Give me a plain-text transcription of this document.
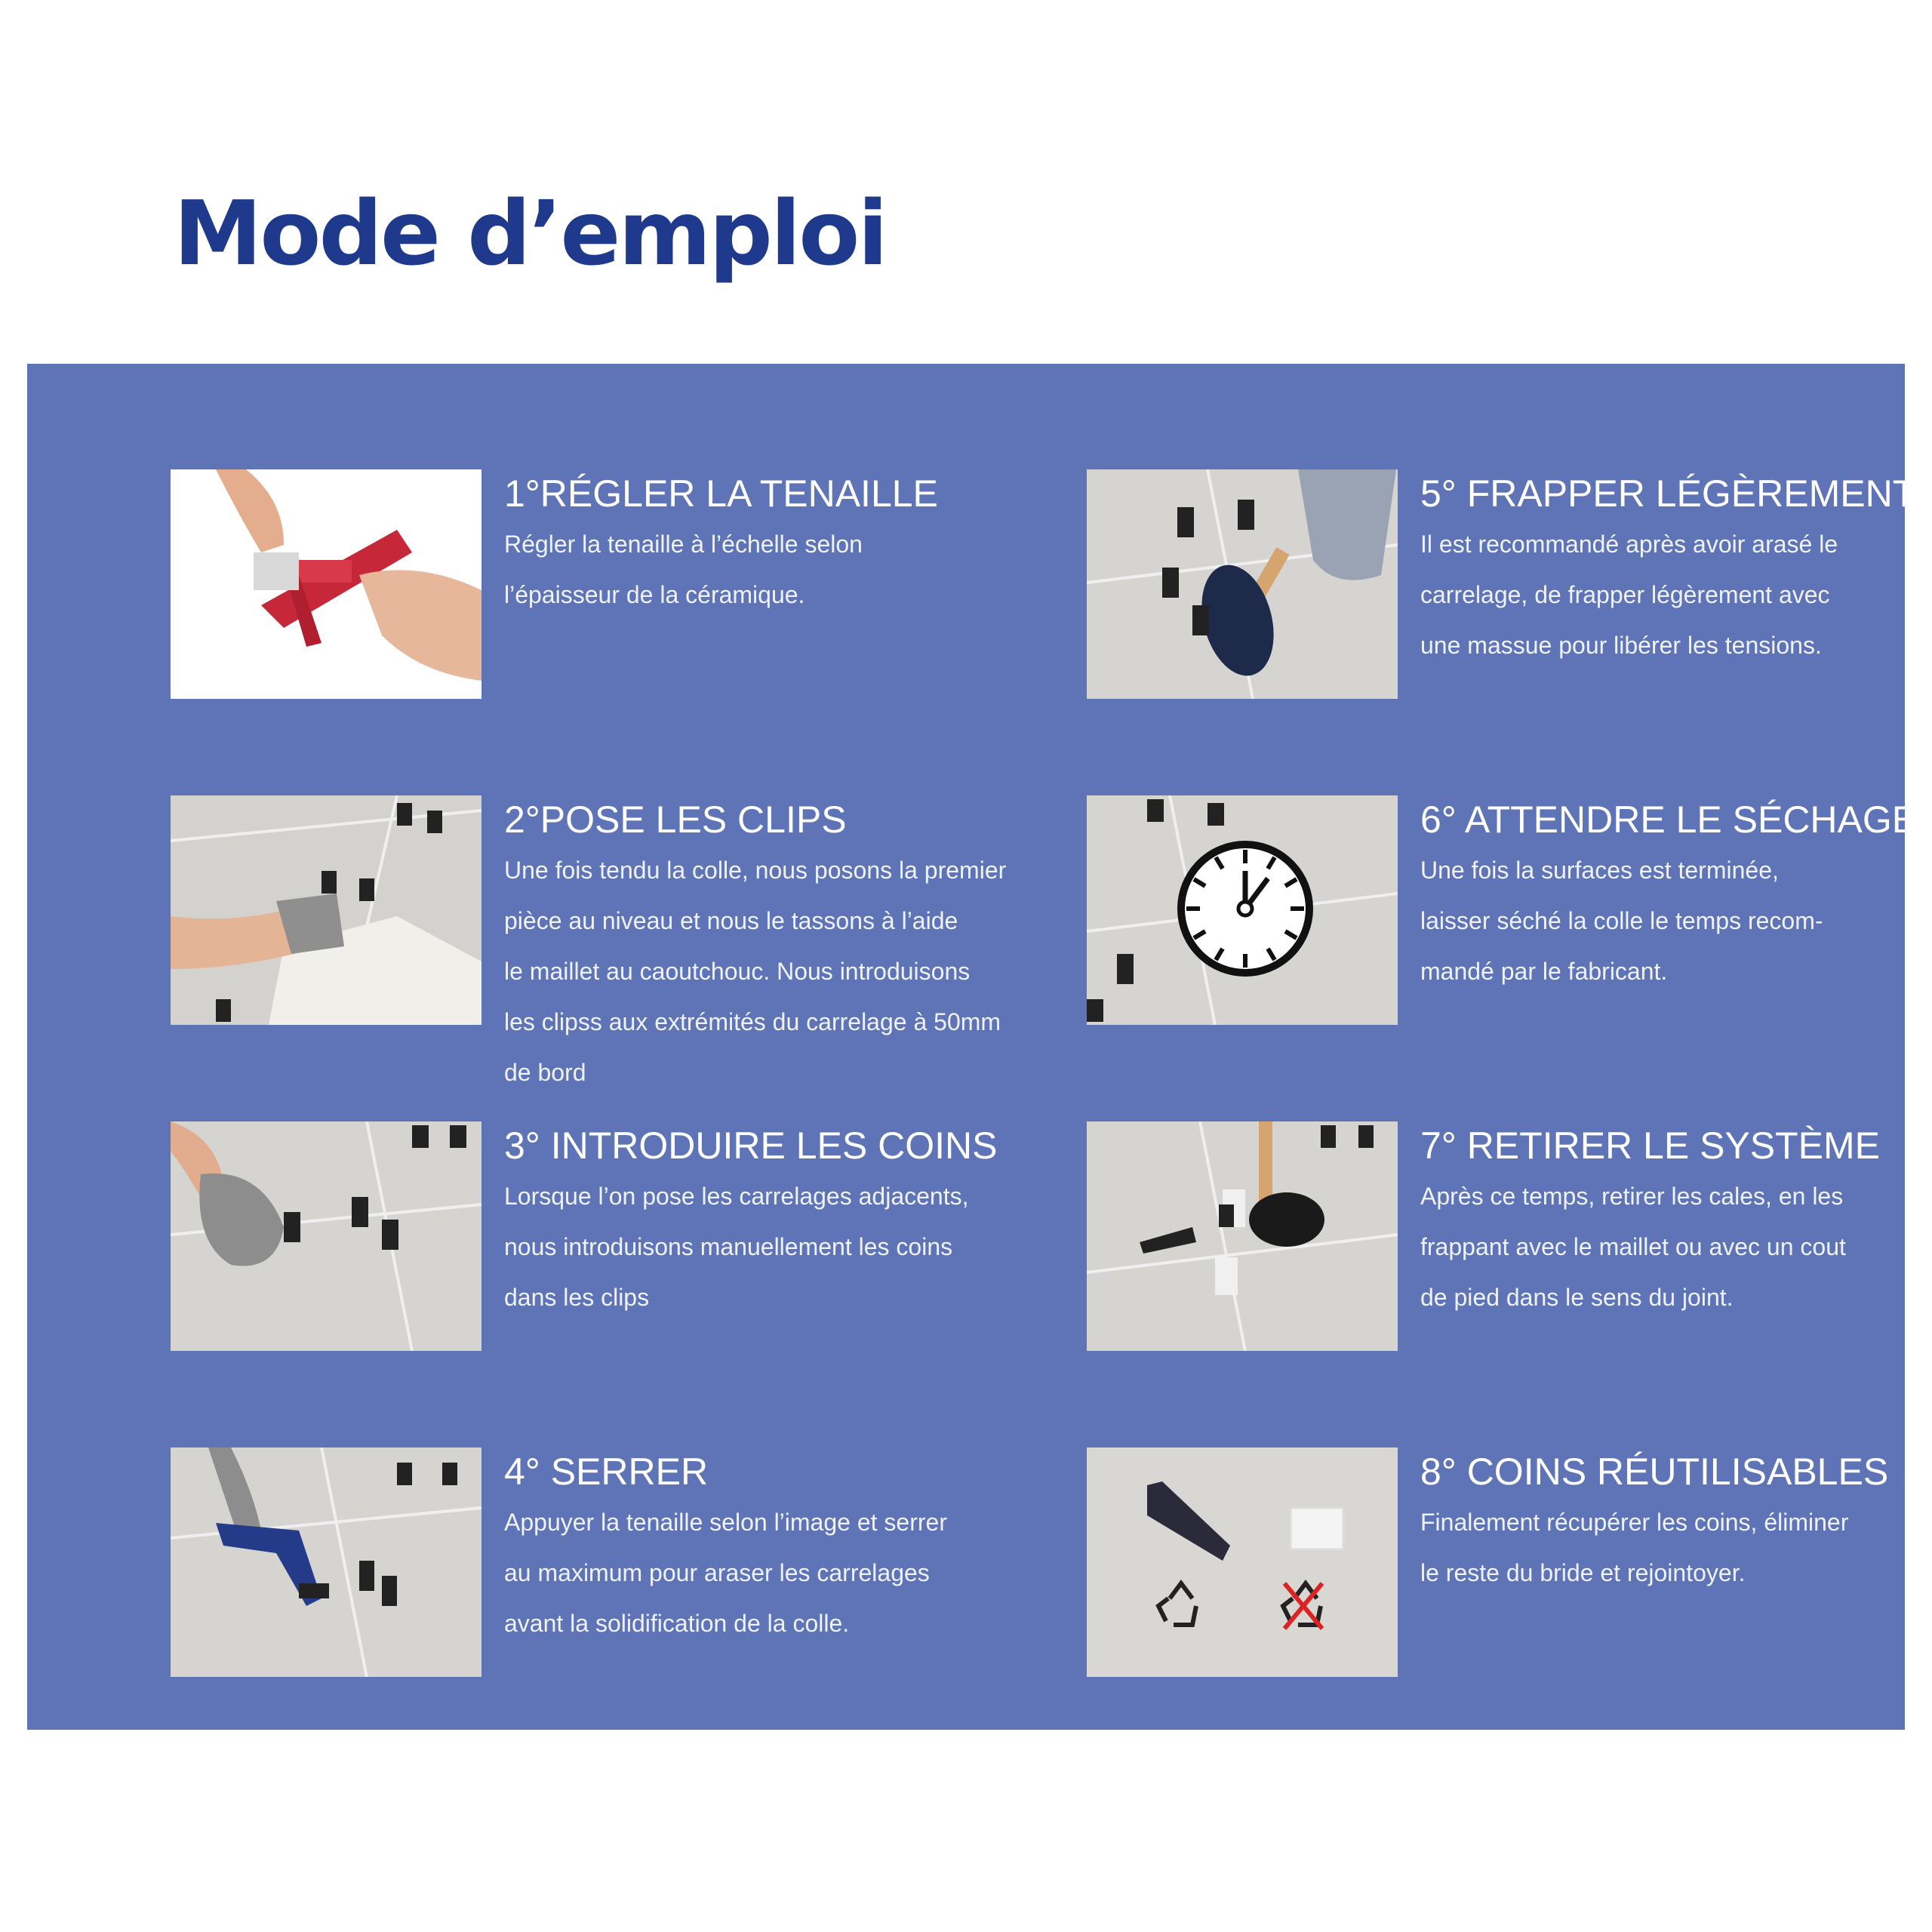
Mode d’emploi
1°RÉGLER LA TENAILLE
Régler la tenaille à l’échelle selon
l’épaisseur de la céramique.
2°POSE LES CLIPS
Une fois tendu la colle, nous posons la premier
pièce au niveau et nous le tassons à l’aide
le maillet au caoutchouc. Nous introduisons
les clipss aux extrémités du carrelage à 50mm
de bord
3° INTRODUIRE LES COINS
Lorsque l’on pose les carrelages adjacents,
nous introduisons manuellement les coins
dans les clips
4° SERRER
Appuyer la tenaille selon l’image et serrer
au maximum pour araser les carrelages
avant la solidification de la colle.
5° FRAPPER LÉGÈREMENT
Il est recommandé après avoir arasé le
carrelage, de frapper légèrement avec
une massue pour libérer les tensions.
6° ATTENDRE LE SÉCHAGE
Une fois la surfaces est terminée,
laisser séché la colle le temps recom-
mandé par le fabricant.
7° RETIRER LE SYSTÈME
Après ce temps, retirer les cales, en les
frappant avec le maillet ou avec un cout
de pied dans le sens du joint.
8° COINS RÉUTILISABLES
Finalement récupérer les coins, éliminer
le reste du bride et rejointoyer.
